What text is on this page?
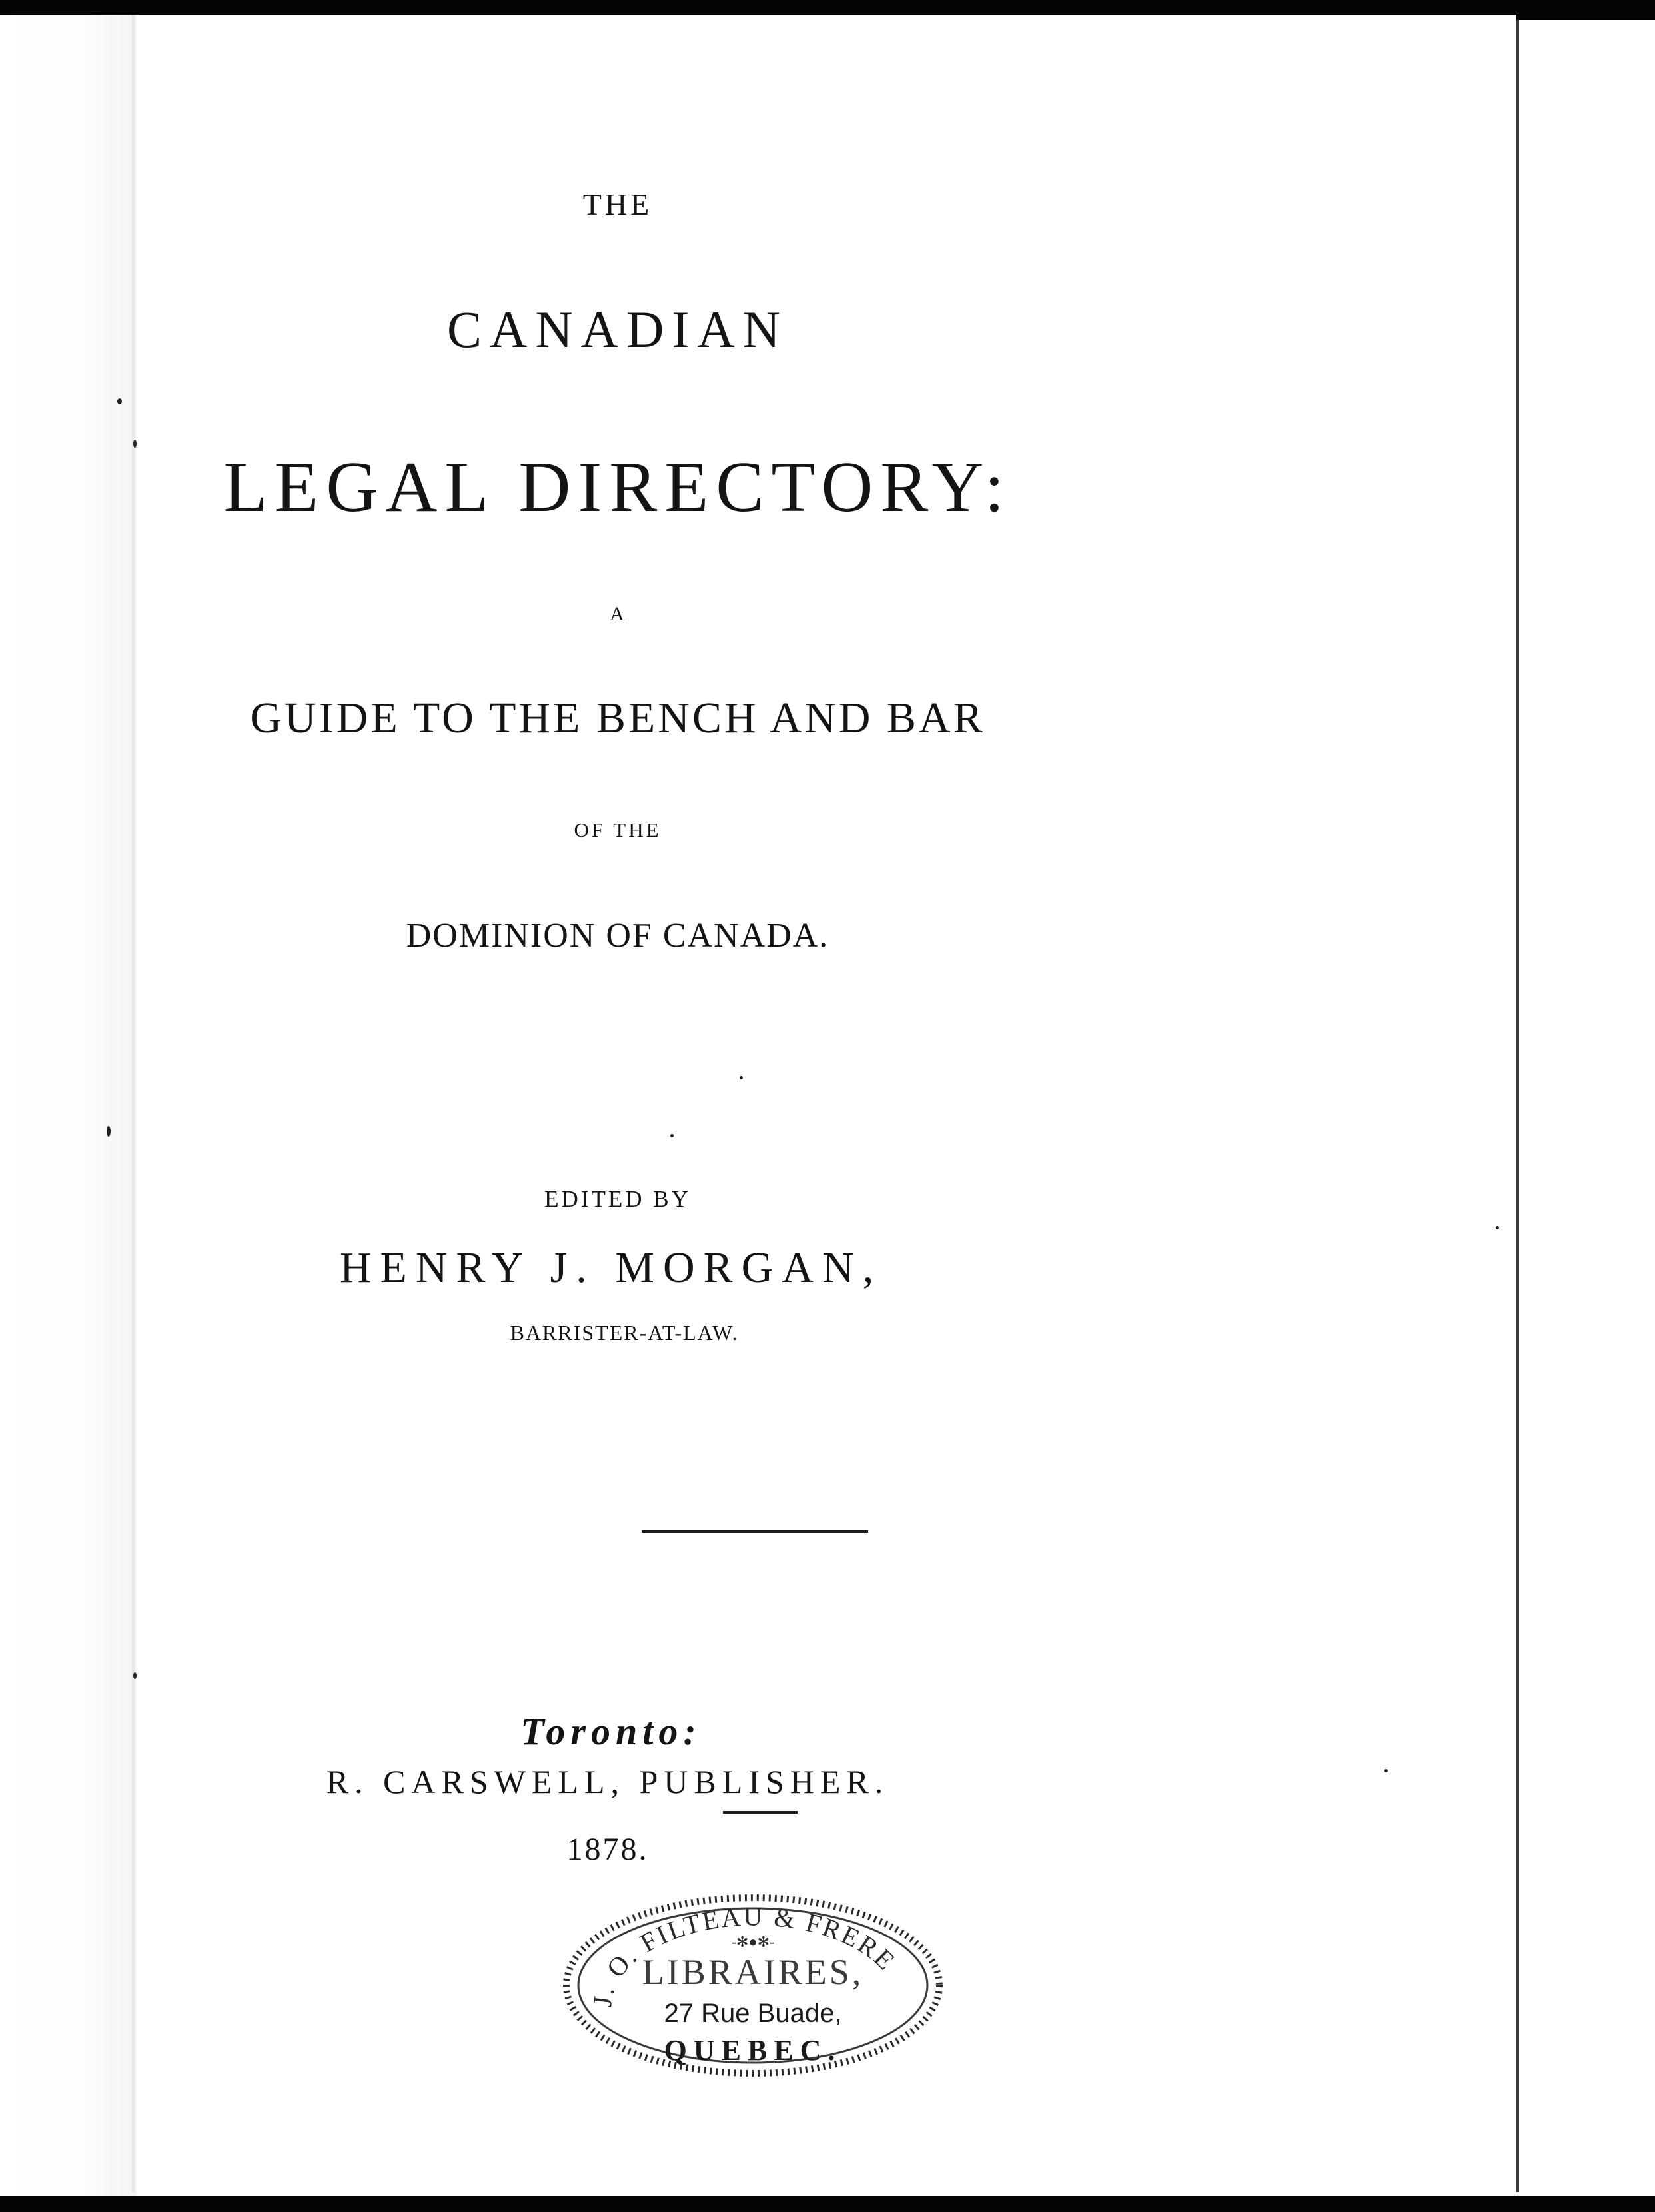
THE
CANADIAN
LEGAL DIRECTORY:
A
GUIDE TO THE BENCH AND BAR
OF THE
DOMINION OF CANADA.
EDITED BY
HENRY J. MORGAN,
BARRISTER-AT-LAW.
Toronto:
R. CARSWELL, PUBLISHER.
1878.
J. O. FILTEAU & FRERE
-✻●✻-
LIBRAIRES,
27 Rue Buade,
QUEBEC.
